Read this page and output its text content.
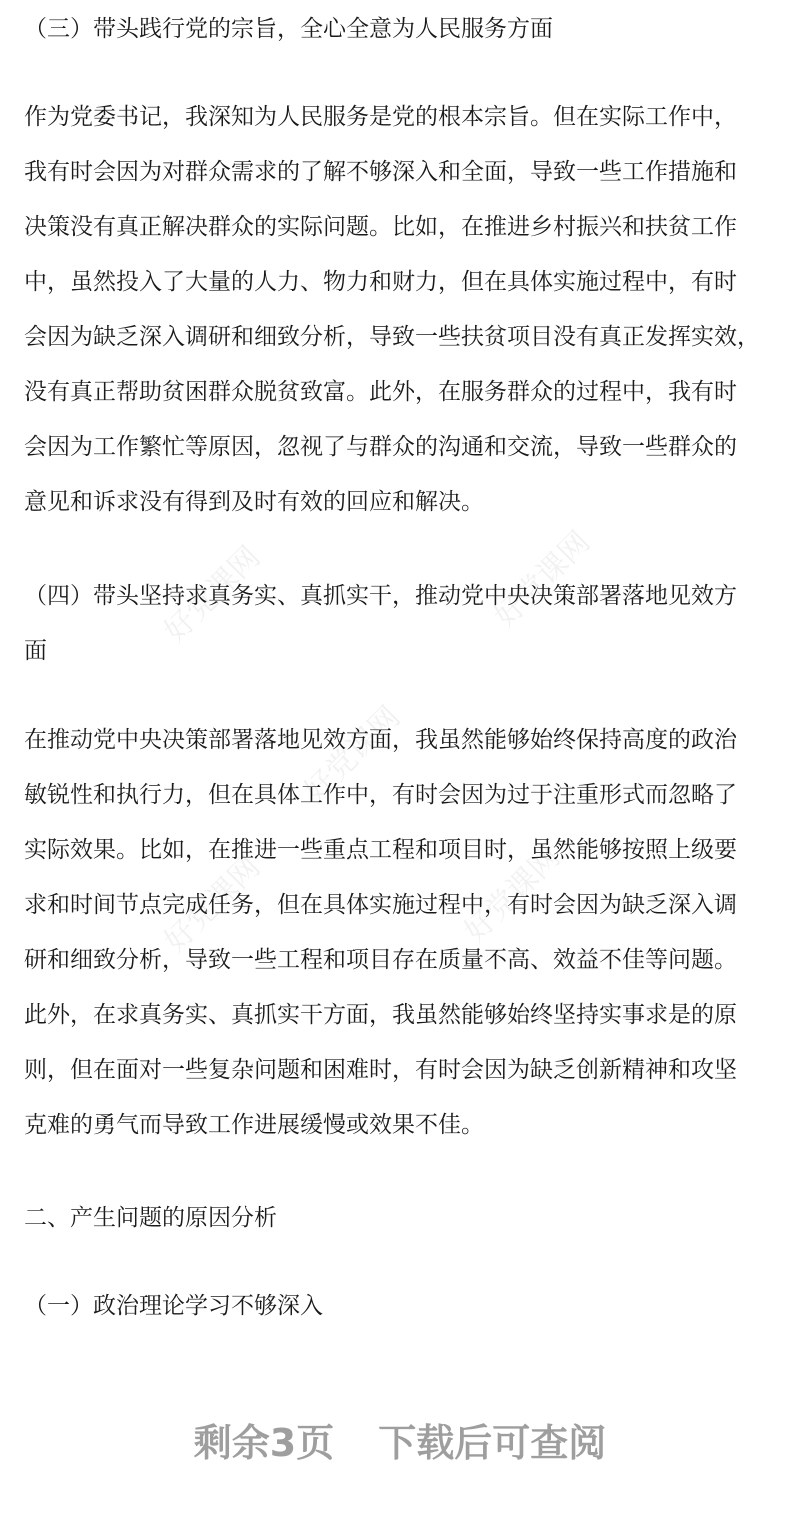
好党课网	好党课网
好党课网
好党课网	好党课网
（三）带头践行党的宗旨，全心全意为人民服务方面
作为党委书记，我深知为人民服务是党的根本宗旨。但在实际工作中，
我有时会因为对群众需求的了解不够深入和全面，导致一些工作措施和
决策没有真正解决群众的实际问题。比如，在推进乡村振兴和扶贫工作
中，虽然投入了大量的人力、物力和财力，但在具体实施过程中，有时
会因为缺乏深入调研和细致分析，导致一些扶贫项目没有真正发挥实效，
没有真正帮助贫困群众脱贫致富。此外，在服务群众的过程中，我有时
会因为工作繁忙等原因，忽视了与群众的沟通和交流，导致一些群众的
意见和诉求没有得到及时有效的回应和解决。
（四）带头坚持求真务实、真抓实干，推动党中央决策部署落地见效方
面
在推动党中央决策部署落地见效方面，我虽然能够始终保持高度的政治
敏锐性和执行力，但在具体工作中，有时会因为过于注重形式而忽略了
实际效果。比如，在推进一些重点工程和项目时，虽然能够按照上级要
求和时间节点完成任务，但在具体实施过程中，有时会因为缺乏深入调
研和细致分析，导致一些工程和项目存在质量不高、效益不佳等问题。
此外，在求真务实、真抓实干方面，我虽然能够始终坚持实事求是的原
则，但在面对一些复杂问题和困难时，有时会因为缺乏创新精神和攻坚
克难的勇气而导致工作进展缓慢或效果不佳。
二、产生问题的原因分析
（一）政治理论学习不够深入
剩余3页 下载后可查阅
